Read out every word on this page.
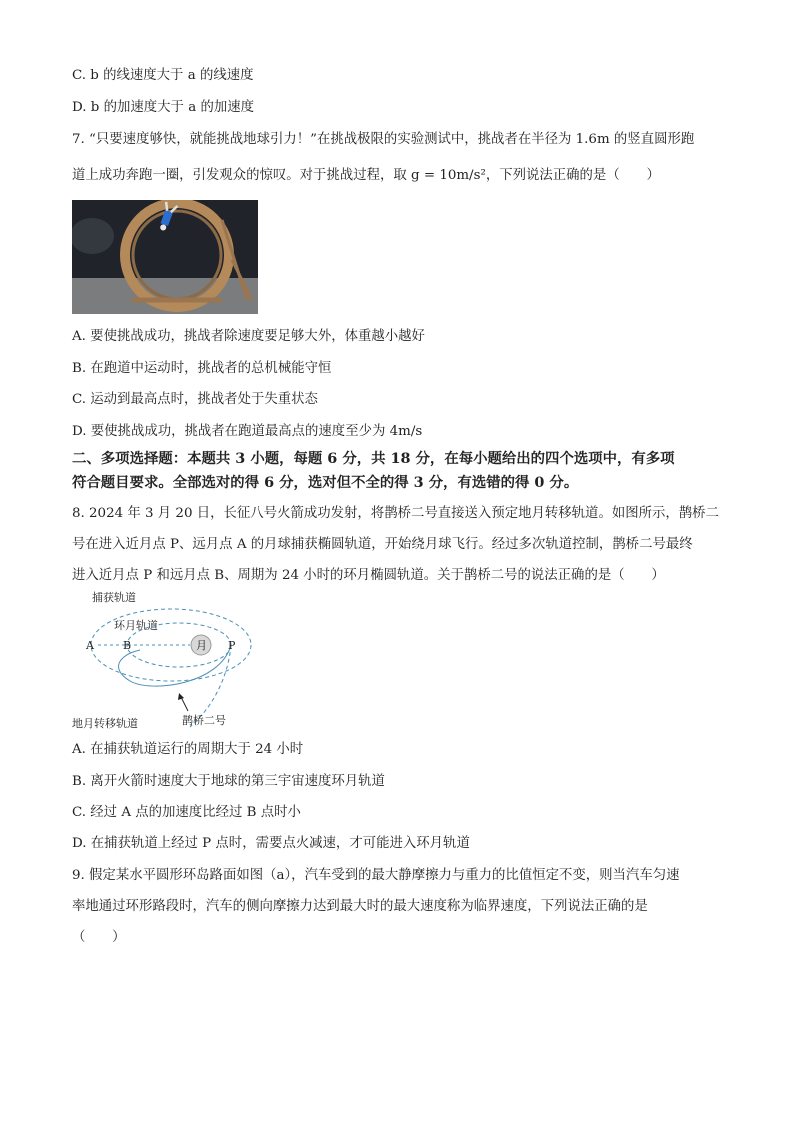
C. b 的线速度大于 a 的线速度
D. b 的加速度大于 a 的加速度
7. “只要速度够快，就能挑战地球引力！”在挑战极限的实验测试中，挑战者在半径为 1.6m 的竖直圆形跑
道上成功奔跑一圈，引发观众的惊叹。对于挑战过程，取 g = 10m/s²，下列说法正确的是（　　）
A. 要使挑战成功，挑战者除速度要足够大外，体重越小越好
B. 在跑道中运动时，挑战者的总机械能守恒
C. 运动到最高点时，挑战者处于失重状态
D. 要使挑战成功，挑战者在跑道最高点的速度至少为 4m/s
二、多项选择题：本题共 3 小题，每题 6 分，共 18 分，在每小题给出的四个选项中，有多项
符合题目要求。全部选对的得 6 分，选对但不全的得 3 分，有选错的得 0 分。
8. 2024 年 3 月 20 日，长征八号火箭成功发射，将鹊桥二号直接送入预定地月转移轨道。如图所示，鹊桥二
号在进入近月点 P、远月点 A 的月球捕获椭圆轨道，开始绕月球飞行。经过多次轨道控制，鹊桥二号最终
进入近月点 P 和远月点 B、周期为 24 小时的环月椭圆轨道。关于鹊桥二号的说法正确的是（　　）
捕获轨道
环月轨道
月
A	B	P
地月转移轨道	鹊桥二号
A. 在捕获轨道运行的周期大于 24 小时
B. 离开火箭时速度大于地球的第三宇宙速度环月轨道
C. 经过 A 点的加速度比经过 B 点时小
D. 在捕获轨道上经过 P 点时，需要点火减速，才可能进入环月轨道
9. 假定某水平圆形环岛路面如图（a），汽车受到的最大静摩擦力与重力的比值恒定不变，则当汽车匀速
率地通过环形路段时，汽车的侧向摩擦力达到最大时的最大速度称为临界速度，下列说法正确的是
（　　）
